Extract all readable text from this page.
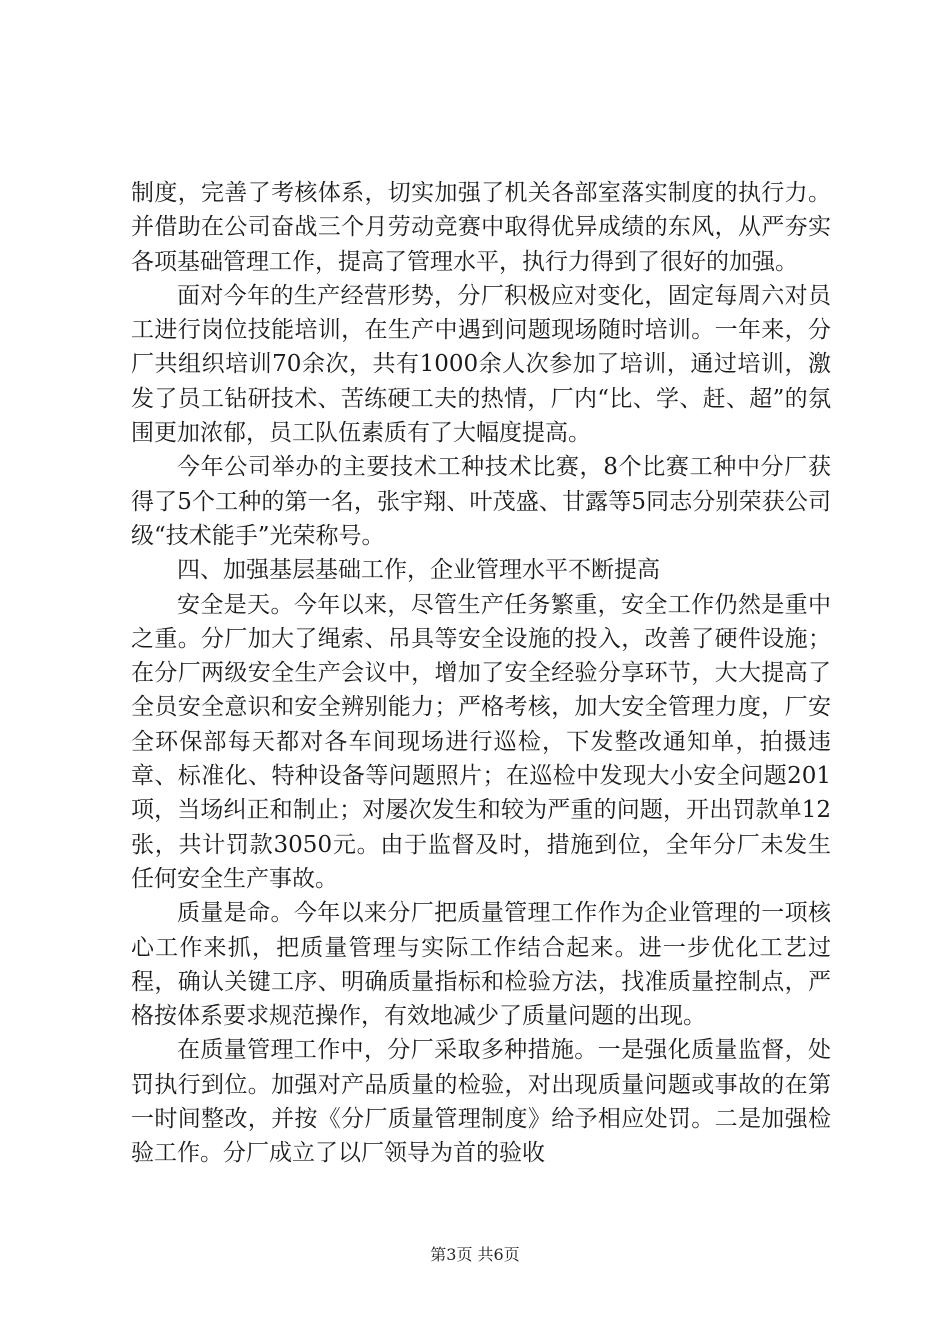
制度，完善了考核体系，切实加强了机关各部室落实制度的执行力。并借助在公司奋战三个月劳动竞赛中取得优异成绩的东风，从严夯实各项基础管理工作，提高了管理水平，执行力得到了很好的加强。

面对今年的生产经营形势，分厂积极应对变化，固定每周六对员工进行岗位技能培训，在生产中遇到问题现场随时培训。一年来，分厂共组织培训70余次，共有1000余人次参加了培训，通过培训，激发了员工钻研技术、苦练硬工夫的热情，厂内“比、学、赶、超”的氛围更加浓郁，员工队伍素质有了大幅度提高。

今年公司举办的主要技术工种技术比赛，8个比赛工种中分厂获得了5个工种的第一名，张宇翔、叶茂盛、甘露等5同志分别荣获公司级“技术能手”光荣称号。

四、加强基层基础工作，企业管理水平不断提高

安全是天。今年以来，尽管生产任务繁重，安全工作仍然是重中之重。分厂加大了绳索、吊具等安全设施的投入，改善了硬件设施；在分厂两级安全生产会议中，增加了安全经验分享环节，大大提高了全员安全意识和安全辨别能力；严格考核，加大安全管理力度，厂安全环保部每天都对各车间现场进行巡检，下发整改通知单，拍摄违章、标准化、特种设备等问题照片；在巡检中发现大小安全问题201项，当场纠正和制止；对屡次发生和较为严重的问题，开出罚款单12张，共计罚款3050元。由于监督及时，措施到位，全年分厂未发生任何安全生产事故。

质量是命。今年以来分厂把质量管理工作作为企业管理的一项核心工作来抓，把质量管理与实际工作结合起来。进一步优化工艺过程，确认关键工序、明确质量指标和检验方法，找准质量控制点，严格按体系要求规范操作，有效地减少了质量问题的出现。

在质量管理工作中，分厂采取多种措施。一是强化质量监督，处罚执行到位。加强对产品质量的检验，对出现质量问题或事故的在第一时间整改，并按《分厂质量管理制度》给予相应处罚。二是加强检验工作。分厂成立了以厂领导为首的验收

第3页 共6页
